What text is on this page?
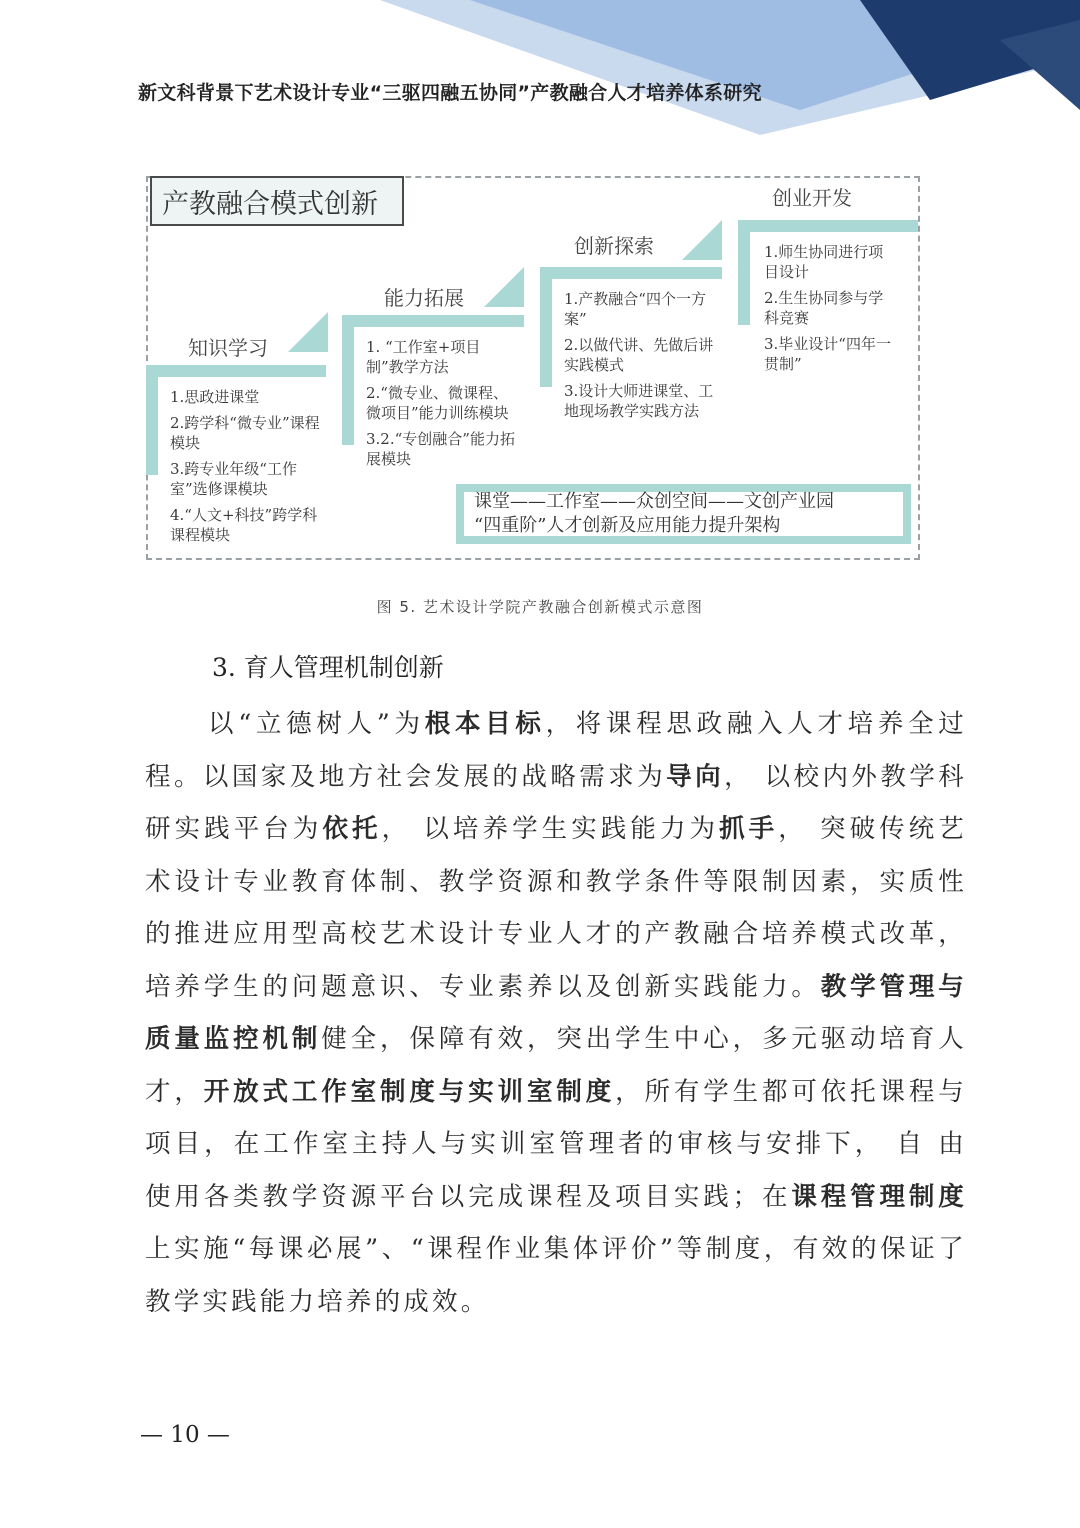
新文科背景下艺术设计专业“三驱四融五协同”产教融合人才培养体系研究
产教融合模式创新
知识学习
1.思政进课堂
2.跨学科“微专业”课程模块
3.跨专业年级“工作室”选修课模块
4.“人文+科技”跨学科课程模块
能力拓展
1. “工作室+项目制”教学方法
2.“微专业、微课程、微项目”能力训练模块
3.2.“专创融合”能力拓展模块
创新探索
1.产教融合“四个一方案”
2.以做代讲、先做后讲实践模式
3.设计大师进课堂、工地现场教学实践方法
创业开发
1.师生协同进行项目设计
2.生生协同参与学科竞赛
3.毕业设计“四年一贯制”
课堂——工作室——众创空间——文创产业园
“四重阶”人才创新及应用能力提升架构
图 5. 艺术设计学院产教融合创新模式示意图
3. 育人管理机制创新

以“立德树人”为根本目标，将课程思政融入人才培养全过程。以国家及地方社会发展的战略需求为导向， 以校内外教学科研实践平台为依托， 以培养学生实践能力为抓手， 突破传统艺术设计专业教育体制、教学资源和教学条件等限制因素，实质性的推进应用型高校艺术设计专业人才的产教融合培养模式改革，培养学生的问题意识、专业素养以及创新实践能力。教学管理与质量监控机制健全，保障有效，突出学生中心，多元驱动培育人才，开放式工作室制度与实训室制度，所有学生都可依托课程与项目，在工作室主持人与实训室管理者的审核与安排下， 自 由使用各类教学资源平台以完成课程及项目实践；在课程管理制度上实施“每课必展”、“课程作业集体评价”等制度，有效的保证了教学实践能力培养的成效。

— 10 —
